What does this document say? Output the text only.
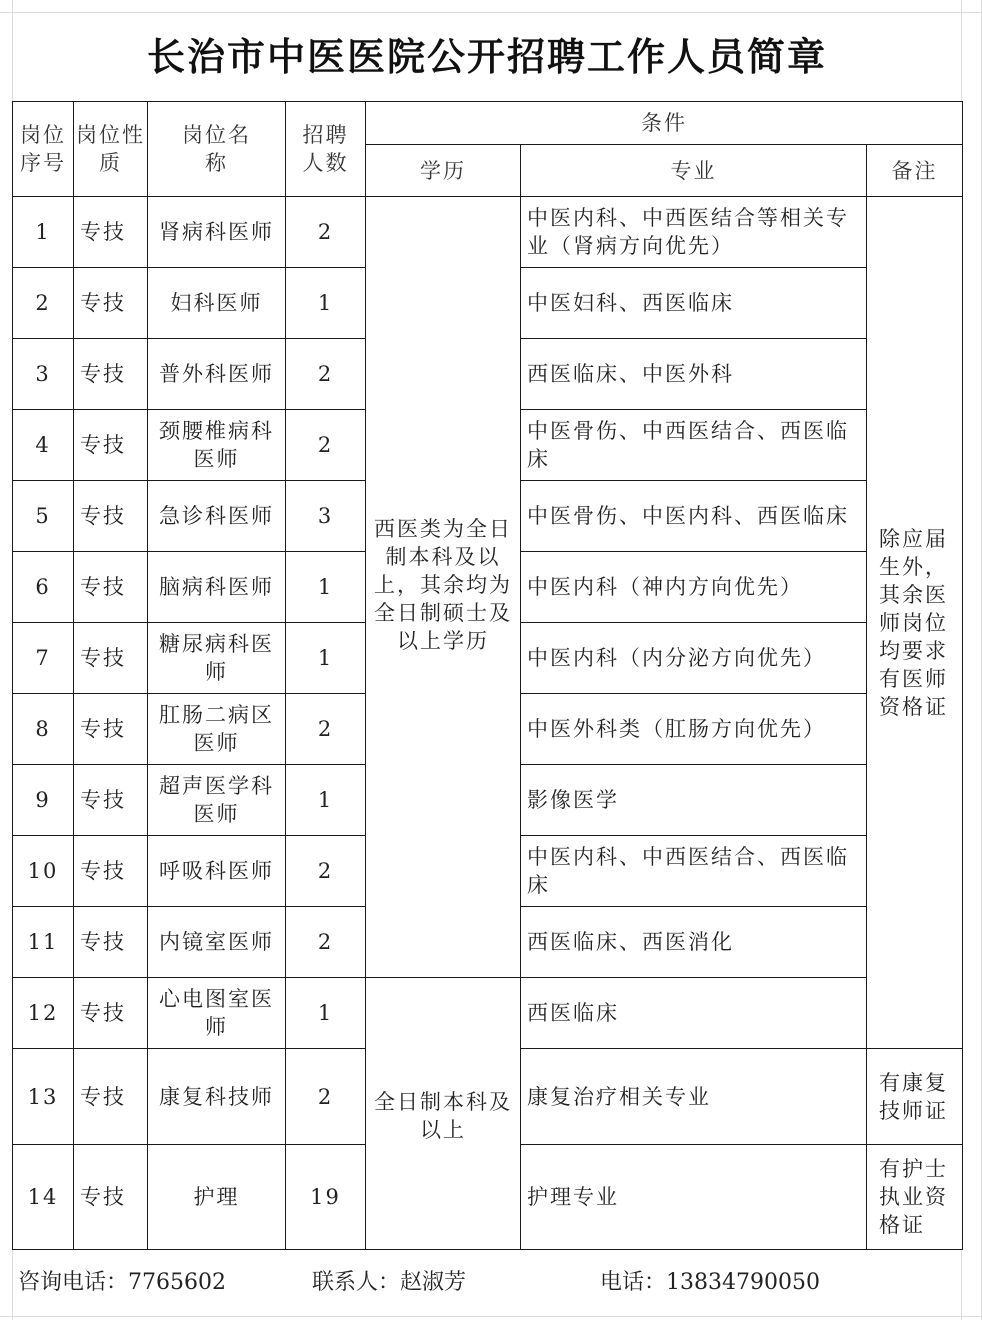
长治市中医医院公开招聘工作人员简章
岗位序号	岗位性质	岗位名称	招聘人数	条件		
				学历	专业	备注
1	专技	肾病科医师	2	西医类为全日制本科及以上，其余均为全日制硕士及以上学历	中医内科、中西医结合等相关专业（肾病方向优先）	除应届生外，其余医师岗位均要求有医师资格证
2	专技	妇科医师	1		中医妇科、西医临床	
3	专技	普外科医师	2		西医临床、中医外科	
4	专技	颈腰椎病科医师	2		中医骨伤、中西医结合、西医临床	
5	专技	急诊科医师	3		中医骨伤、中医内科、西医临床	
6	专技	脑病科医师	1		中医内科（神内方向优先）	
7	专技	糖尿病科医师	1		中医内科（内分泌方向优先）	
8	专技	肛肠二病区医师	2		中医外科类（肛肠方向优先）	
9	专技	超声医学科医师	1		影像医学	
10	专技	呼吸科医师	2		中医内科、中西医结合、西医临床	
11	专技	内镜室医师	2		西医临床、西医消化	
12	专技	心电图室医师	1	全日制本科及以上	西医临床	
13	专技	康复科技师	2		康复治疗相关专业	有康复技师证
14	专技	护理	19		护理专业	有护士执业资格证
咨询电话：7765602	联系人：赵淑芳	电话：13834790050
